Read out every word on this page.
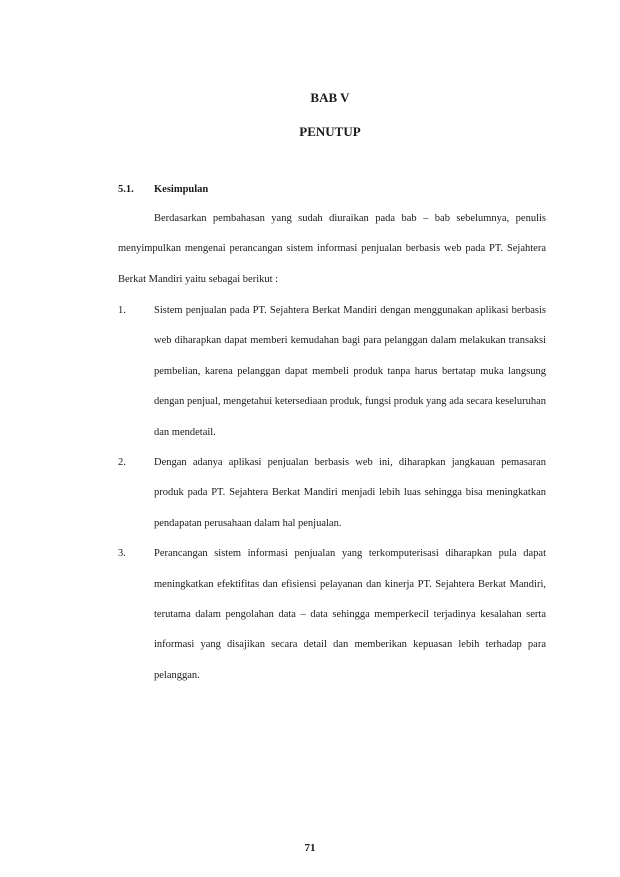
BAB V
PENUTUP
5.1. Kesimpulan

Berdasarkan pembahasan yang sudah diuraikan pada bab – bab sebelumnya, penulis menyimpulkan mengenai perancangan sistem informasi penjualan berbasis web pada PT. Sejahtera Berkat Mandiri yaitu sebagai berikut :

1.	Sistem penjualan pada PT. Sejahtera Berkat Mandiri dengan menggunakan aplikasi berbasis web diharapkan dapat memberi kemudahan bagi para pelanggan dalam melakukan transaksi pembelian, karena pelanggan dapat membeli produk tanpa harus bertatap muka langsung dengan penjual, mengetahui ketersediaan produk, fungsi produk yang ada secara keseluruhan dan mendetail.
2.	Dengan adanya aplikasi penjualan berbasis web ini, diharapkan jangkauan pemasaran produk pada PT. Sejahtera Berkat Mandiri menjadi lebih luas sehingga bisa meningkatkan pendapatan perusahaan dalam hal penjualan.
3.	Perancangan sistem informasi penjualan yang terkomputerisasi diharapkan pula dapat meningkatkan efektifitas dan efisiensi pelayanan dan kinerja PT. Sejahtera Berkat Mandiri, terutama dalam pengolahan data – data sehingga memperkecil terjadinya kesalahan serta informasi yang disajikan secara detail dan memberikan kepuasan lebih terhadap para pelanggan.
71
